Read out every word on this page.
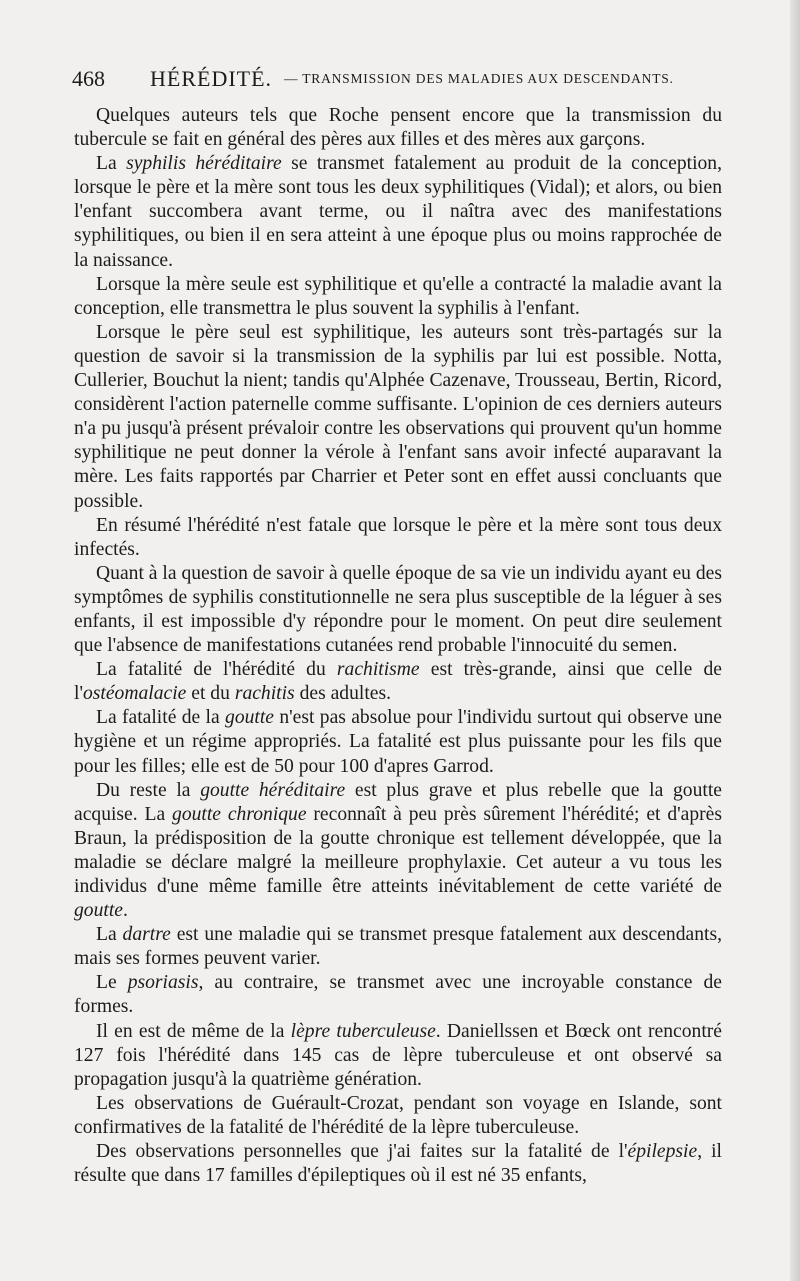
468 HÉRÉDITÉ. — TRANSMISSION DES MALADIES AUX DESCENDANTS.

Quelques auteurs tels que Roche pensent encore que la transmission du tubercule se fait en général des pères aux filles et des mères aux garçons.

La syphilis héréditaire se transmet fatalement au produit de la conception, lorsque le père et la mère sont tous les deux syphilitiques (Vidal); et alors, ou bien l'enfant succombera avant terme, ou il naîtra avec des manifestations syphilitiques, ou bien il en sera atteint à une époque plus ou moins rapprochée de la naissance.

Lorsque la mère seule est syphilitique et qu'elle a contracté la maladie avant la conception, elle transmettra le plus souvent la syphilis à l'enfant.

Lorsque le père seul est syphilitique, les auteurs sont très-partagés sur la question de savoir si la transmission de la syphilis par lui est possible. Notta, Cullerier, Bouchut la nient; tandis qu'Alphée Cazenave, Trousseau, Bertin, Ricord, considèrent l'action paternelle comme suffisante. L'opinion de ces derniers auteurs n'a pu jusqu'à présent prévaloir contre les observations qui prouvent qu'un homme syphilitique ne peut donner la vérole à l'enfant sans avoir infecté auparavant la mère. Les faits rapportés par Charrier et Peter sont en effet aussi concluants que possible.

En résumé l'hérédité n'est fatale que lorsque le père et la mère sont tous deux infectés.

Quant à la question de savoir à quelle époque de sa vie un individu ayant eu des symptômes de syphilis constitutionnelle ne sera plus susceptible de la léguer à ses enfants, il est impossible d'y répondre pour le moment. On peut dire seulement que l'absence de manifestations cutanées rend probable l'innocuité du semen.

La fatalité de l'hérédité du rachitisme est très-grande, ainsi que celle de l'ostéomalacie et du rachitis des adultes.

La fatalité de la goutte n'est pas absolue pour l'individu surtout qui observe une hygiène et un régime appropriés. La fatalité est plus puissante pour les fils que pour les filles; elle est de 50 pour 100 d'apres Garrod.

Du reste la goutte héréditaire est plus grave et plus rebelle que la goutte acquise. La goutte chronique reconnaît à peu près sûrement l'hérédité; et d'après Braun, la prédisposition de la goutte chronique est tellement développée, que la maladie se déclare malgré la meilleure prophylaxie. Cet auteur a vu tous les individus d'une même famille être atteints inévitablement de cette variété de goutte.

La dartre est une maladie qui se transmet presque fatalement aux descendants, mais ses formes peuvent varier.

Le psoriasis, au contraire, se transmet avec une incroyable constance de formes.

Il en est de même de la lèpre tuberculeuse. Daniellssen et Bœck ont rencontré 127 fois l'hérédité dans 145 cas de lèpre tuberculeuse et ont observé sa propagation jusqu'à la quatrième génération.

Les observations de Guérault-Crozat, pendant son voyage en Islande, sont confirmatives de la fatalité de l'hérédité de la lèpre tuberculeuse.

Des observations personnelles que j'ai faites sur la fatalité de l'épilepsie, il résulte que dans 17 familles d'épileptiques où il est né 35 enfants,
